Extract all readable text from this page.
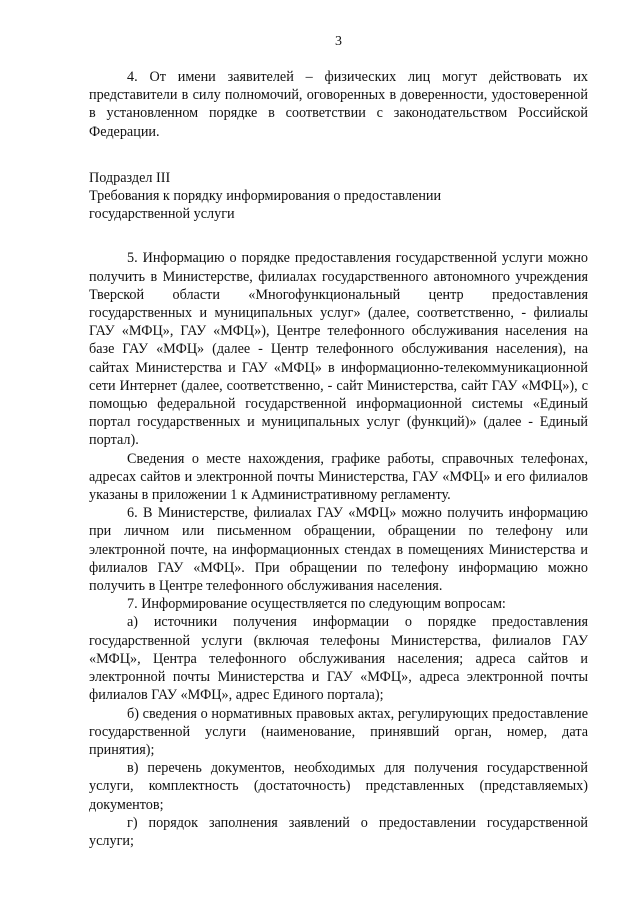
3

4. От имени заявителей – физических лиц могут действовать их представители в силу полномочий, оговоренных в доверенности, удостоверенной в установленном порядке в соответствии с законодательством Российской Федерации.

Подраздел III

Требования к порядку информирования о предоставлении

государственной услуги

5. Информацию о порядке предоставления государственной услуги можно получить в Министерстве, филиалах государственного автономного учреждения Тверской области «Многофункциональный центр предоставления государственных и муниципальных услуг» (далее, соответственно, - филиалы ГАУ «МФЦ», ГАУ «МФЦ»), Центре телефонного обслуживания населения на базе ГАУ «МФЦ» (далее - Центр телефонного обслуживания населения), на сайтах Министерства и ГАУ «МФЦ» в информационно-телекоммуникационной сети Интернет (далее, соответственно, - сайт Министерства, сайт ГАУ «МФЦ»), с помощью федеральной государственной информационной системы «Единый портал государственных и муниципальных услуг (функций)» (далее - Единый портал).

Сведения о месте нахождения, графике работы, справочных телефонах, адресах сайтов и электронной почты Министерства, ГАУ «МФЦ» и его филиалов указаны в приложении 1 к Административному регламенту.

6. В Министерстве, филиалах ГАУ «МФЦ» можно получить информацию при личном или письменном обращении, обращении по телефону или электронной почте, на информационных стендах в помещениях Министерства и филиалов ГАУ «МФЦ». При обращении по телефону информацию можно получить в Центре телефонного обслуживания населения.

7. Информирование осуществляется по следующим вопросам:

а) источники получения информации о порядке предоставления государственной услуги (включая телефоны Министерства, филиалов ГАУ «МФЦ», Центра телефонного обслуживания населения; адреса сайтов и электронной почты Министерства и ГАУ «МФЦ», адреса электронной почты филиалов ГАУ «МФЦ», адрес Единого портала);

б) сведения о нормативных правовых актах, регулирующих предоставление государственной услуги (наименование, принявший орган, номер, дата принятия);

в) перечень документов, необходимых для получения государственной услуги, комплектность (достаточность) представленных (представляемых) документов;

г) порядок заполнения заявлений о предоставлении государственной услуги;
